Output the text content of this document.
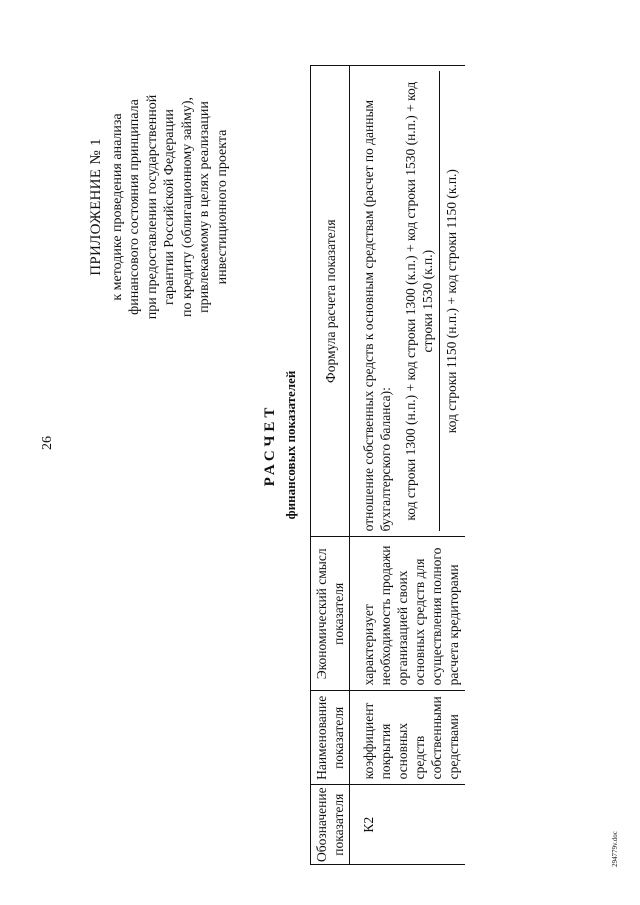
26
ПРИЛОЖЕНИЕ № 1 к методике проведения анализа финансового состояния принципала при предоставлении государственной гарантии Российской Федерации по кредиту (облигационному займу), привлекаемому в целях реализации инвестиционного проекта
РАСЧЕТ финансовых показателей
Обозначение показателя	Наименование показателя	Экономический смысл показателя	Формула расчета показателя
К2	коэффициент покрытия основных средств собственными средствами	характеризует необходимость продажи организацией своих основных средств для осуществления полного расчета кредиторами	отношение собственных средств к основным средствам (расчет по данным бухгалтерского баланса): код строки 1300 (н.п.) + код строки 1300 (к.п.) + код строки 1530 (н.п.) + код строки 1530 (к.п.) код строки 1150 (н.п.) + код строки 1150 (к.п.)
294779v.doc
